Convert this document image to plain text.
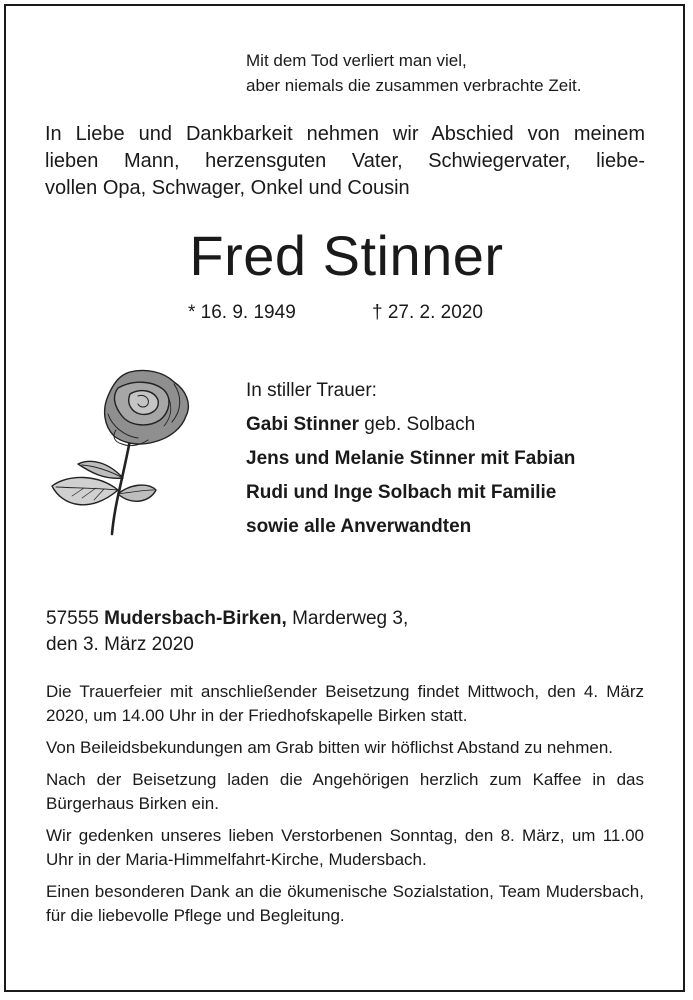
Mit dem Tod verliert man viel,
aber niemals die zusammen verbrachte Zeit.
In Liebe und Dankbarkeit nehmen wir Abschied von meinem
lieben Mann, herzensguten Vater, Schwiegervater, liebe-
vollen Opa, Schwager, Onkel und Cousin
Fred Stinner
* 16. 9. 1949	† 27. 2. 2020
In stiller Trauer:
Gabi Stinner geb. Solbach
Jens und Melanie Stinner mit Fabian
Rudi und Inge Solbach mit Familie
sowie alle Anverwandten
57555 Mudersbach-Birken, Marderweg 3,
den 3. März 2020

Die Trauerfeier mit anschließender Beisetzung findet Mittwoch, den 4. März 2020, um 14.00 Uhr in der Friedhofskapelle Birken statt.

Von Beileidsbekundungen am Grab bitten wir höflichst Abstand zu nehmen.

Nach der Beisetzung laden die Angehörigen herzlich zum Kaffee in das Bürgerhaus Birken ein.

Wir gedenken unseres lieben Verstorbenen Sonntag, den 8. März, um 11.00 Uhr in der Maria-Himmelfahrt-Kirche, Mudersbach.

Einen besonderen Dank an die ökumenische Sozialstation, Team Mudersbach, für die liebevolle Pflege und Begleitung.
